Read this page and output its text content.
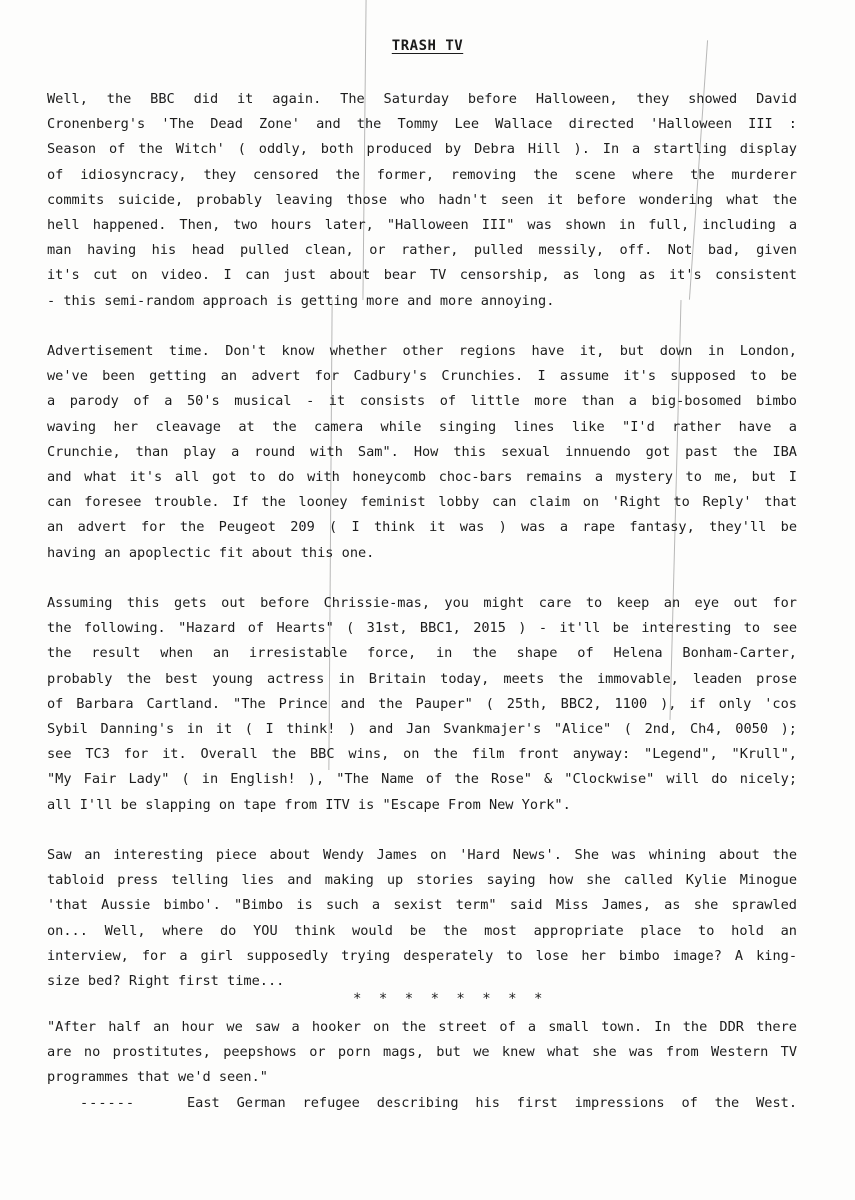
TRASH TV
Well, the BBC did it again. The Saturday before Halloween, they showed David
Cronenberg's 'The Dead Zone' and the Tommy Lee Wallace directed 'Halloween III :
Season of the Witch' ( oddly, both produced by Debra Hill ). In a startling display
of idiosyncracy, they censored the former, removing the scene where the murderer
commits suicide, probably leaving those who hadn't seen it before wondering what the
hell happened. Then, two hours later, "Halloween III" was shown in full, including a
man having his head pulled clean, or rather, pulled messily, off. Not bad, given
it's cut on video. I can just about bear TV censorship, as long as it's consistent
- this semi-random approach is getting more and more annoying.
Advertisement time. Don't know whether other regions have it, but down in London,
we've been getting an advert for Cadbury's Crunchies. I assume it's supposed to be
a parody of a 50's musical - it consists of little more than a big-bosomed bimbo
waving her cleavage at the camera while singing lines like "I'd rather have a
Crunchie, than play a round with Sam". How this sexual innuendo got past the IBA
and what it's all got to do with honeycomb choc-bars remains a mystery to me, but I
can foresee trouble. If the looney feminist lobby can claim on 'Right to Reply' that
an advert for the Peugeot 209 ( I think it was ) was a rape fantasy, they'll be
having an apoplectic fit about this one.
Assuming this gets out before Chrissie-mas, you might care to keep an eye out for
the following. "Hazard of Hearts" ( 31st, BBC1, 2015 ) - it'll be interesting to see
the result when an irresistable force, in the shape of Helena Bonham-Carter,
probably the best young actress in Britain today, meets the immovable, leaden prose
of Barbara Cartland. "The Prince and the Pauper" ( 25th, BBC2, 1100 ), if only 'cos
Sybil Danning's in it ( I think! ) and Jan Svankmajer's "Alice" ( 2nd, Ch4, 0050 );
see TC3 for it. Overall the BBC wins, on the film front anyway: "Legend", "Krull",
"My Fair Lady" ( in English! ), "The Name of the Rose" & "Clockwise" will do nicely;
all I'll be slapping on tape from ITV is "Escape From New York".
Saw an interesting piece about Wendy James on 'Hard News'. She was whining about the
tabloid press telling lies and making up stories saying how she called Kylie Minogue
'that Aussie bimbo'. "Bimbo is such a sexist term" said Miss James, as she sprawled
on... Well, where do YOU think would be the most appropriate place to hold an
interview, for a girl supposedly trying desperately to lose her bimbo image? A king-
size bed? Right first time...
* * * * * * * *
"After half an hour we saw a hooker on the street of a small town. In the DDR there
are no prostitutes, peepshows or porn mags, but we knew what she was from Western TV
programmes that we'd seen."
------	East German refugee describing his first impressions of the West.
